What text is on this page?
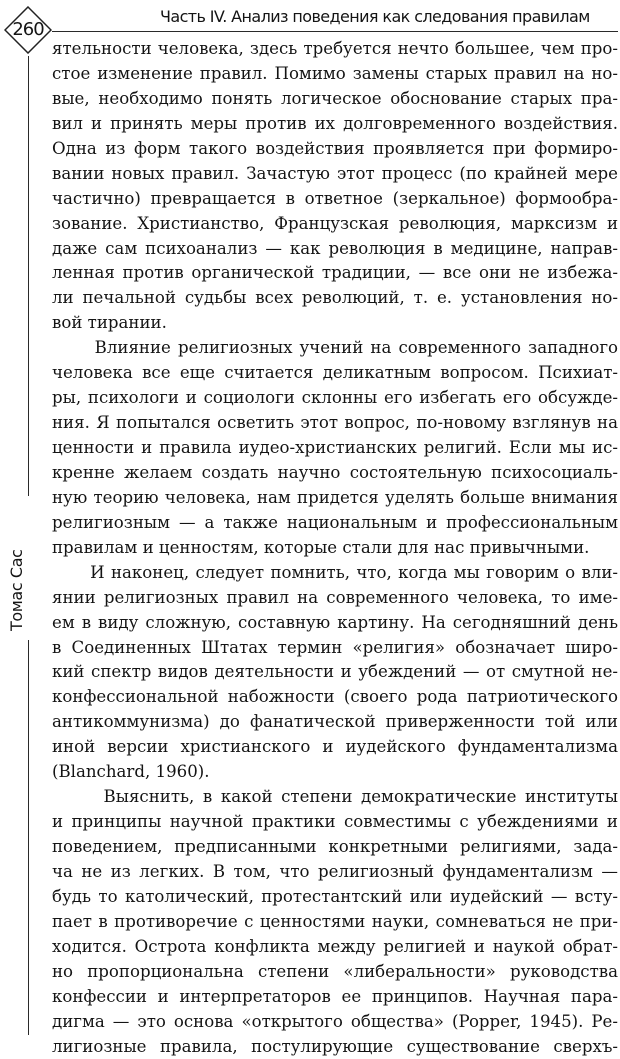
260
Часть IV. Анализ поведения как следования правилам
Томас Сас
ятельности человека, здесь требуется нечто большее, чем про-
стое изменение правил. Помимо замены старых правил на но-
вые, необходимо понять логическое обоснование старых пра-
вил и принять меры против их долговременного воздействия.
Одна из форм такого воздействия проявляется при формиро-
вании новых правил. Зачастую этот процесс (по крайней мере
частично) превращается в ответное (зеркальное) формообра-
зование. Христианство, Французская революция, марксизм и
даже сам психоанализ — как революция в медицине, направ-
ленная против органической традиции, — все они не избежа-
ли печальной судьбы всех революций, т. е. установления но-
вой тирании.
Влияние религиозных учений на современного западного
человека все еще считается деликатным вопросом. Психиат-
ры, психологи и социологи склонны его избегать его обсужде-
ния. Я попытался осветить этот вопрос, по-новому взглянув на
ценности и правила иудео-христианских религий. Если мы ис-
кренне желаем создать научно состоятельную психосоциаль-
ную теорию человека, нам придется уделять больше внимания
религиозным — а также национальным и профессиональным
правилам и ценностям, которые стали для нас привычными.
И наконец, следует помнить, что, когда мы говорим о вли-
янии религиозных правил на современного человека, то име-
ем в виду сложную, составную картину. На сегодняшний день
в Соединенных Штатах термин «религия» обозначает широ-
кий спектр видов деятельности и убеждений — от смутной не-
конфессиональной набожности (своего рода патриотического
антикоммунизма) до фанатической приверженности той или
иной версии христианского и иудейского фундаментализма
(Blanchard, 1960).
Выяснить, в какой степени демократические институты
и принципы научной практики совместимы с убеждениями и
поведением, предписанными конкретными религиями, зада-
ча не из легких. В том, что религиозный фундаментализм —
будь то католический, протестантский или иудейский — всту-
пает в противоречие с ценностями науки, сомневаться не при-
ходится. Острота конфликта между религией и наукой обрат-
но пропорциональна степени «либеральности» руководства
конфессии и интерпретаторов ее принципов. Научная пара-
дигма — это основа «открытого общества» (Popper, 1945). Ре-
лигиозные правила, постулирующие существование сверхъ-
